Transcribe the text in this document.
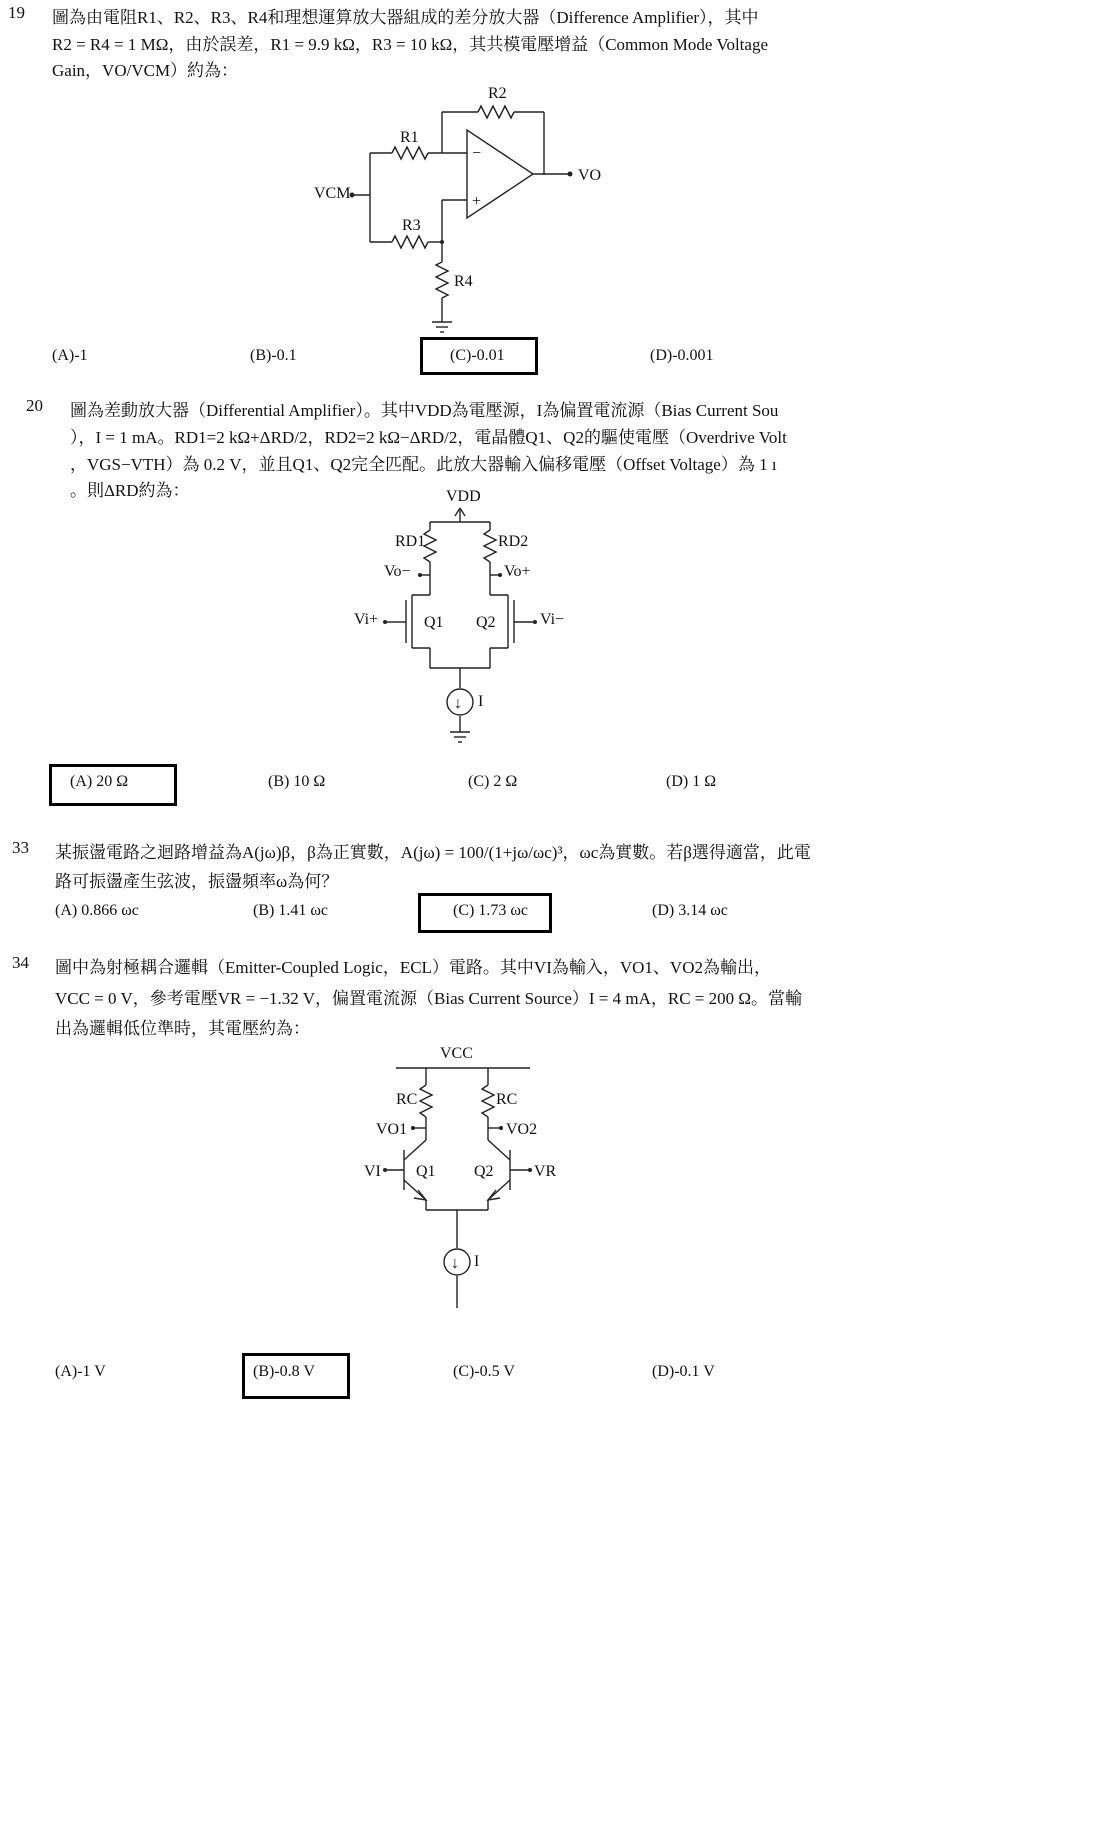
19 圖為由電阻R1、R2、R3、R4和理想運算放大器組成的差分放大器（Difference Amplifier），其中
R2 = R4 = 1 MΩ，由於誤差，R1 = 9.9 kΩ，R3 = 10 kΩ，其共模電壓增益（Common Mode Voltage
Gain，VO/VCM）約為：
R2
R1
R3
R4
VCM
VO
−
+
(A)-1	(B)-0.1	(C)-0.01	(D)-0.001
20 圖為差動放大器（Differential Amplifier）。其中VDD為電壓源，I為偏置電流源（Bias Current Sou
），I = 1 mA。RD1=2 kΩ+ΔRD/2，RD2=2 kΩ−ΔRD/2，電晶體Q1、Q2的驅使電壓（Overdrive Volt
，VGS−VTH）為 0.2 V，並且Q1、Q2完全匹配。此放大器輸入偏移電壓（Offset Voltage）為 1 ı
。則ΔRD約為：	VDD
RD1	RD2
Vo−	Vo+
Vi+	Vi−
Q1 Q2
↓ I
(A) 20 Ω	(B) 10 Ω	(C) 2 Ω	(D) 1 Ω
33 某振盪電路之迴路增益為A(jω)β，β為正實數，A(jω) = 100/(1+jω/ωc)³，ωc為實數。若β選得適當，此電
路可振盪產生弦波，振盪頻率ω為何？
(A) 0.866 ωc	(B) 1.41 ωc	(C) 1.73 ωc	(D) 3.14 ωc
34 圖中為射極耦合邏輯（Emitter-Coupled Logic，ECL）電路。其中VI為輸入，VO1、VO2為輸出，
VCC = 0 V，參考電壓VR = −1.32 V，偏置電流源（Bias Current Source）I = 4 mA，RC = 200 Ω。當輸
出為邏輯低位準時，其電壓約為：
VCC
RC	RC
VO1	VO2
VI	VR
Q1 Q2
↓ I
(A)-1 V	(B)-0.8 V	(C)-0.5 V	(D)-0.1 V
